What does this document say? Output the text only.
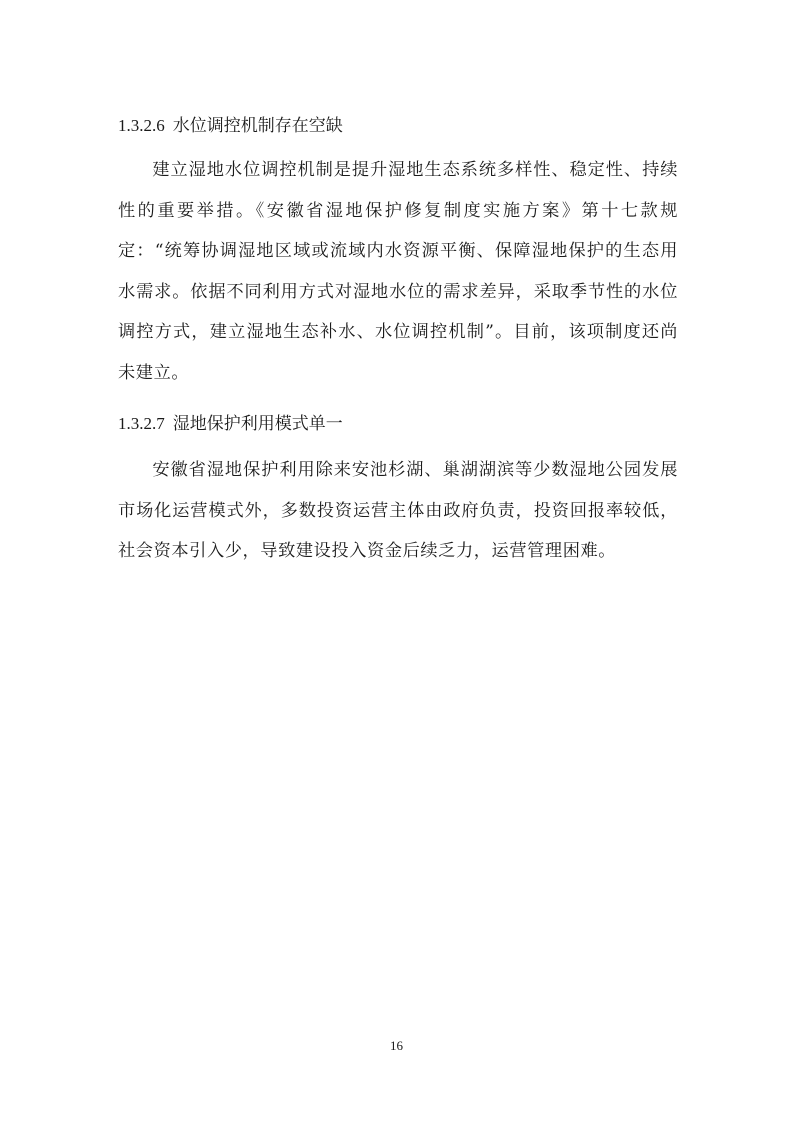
1.3.2.6 水位调控机制存在空缺

建立湿地水位调控机制是提升湿地生态系统多样性、稳定性、持续性的重要举措。《安徽省湿地保护修复制度实施方案》第十七款规定：“统筹协调湿地区域或流域内水资源平衡、保障湿地保护的生态用水需求。依据不同利用方式对湿地水位的需求差异，采取季节性的水位调控方式，建立湿地生态补水、水位调控机制”。目前，该项制度还尚未建立。

1.3.2.7 湿地保护利用模式单一

安徽省湿地保护利用除来安池杉湖、巢湖湖滨等少数湿地公园发展市场化运营模式外，多数投资运营主体由政府负责，投资回报率较低，社会资本引入少，导致建设投入资金后续乏力，运营管理困难。

16
